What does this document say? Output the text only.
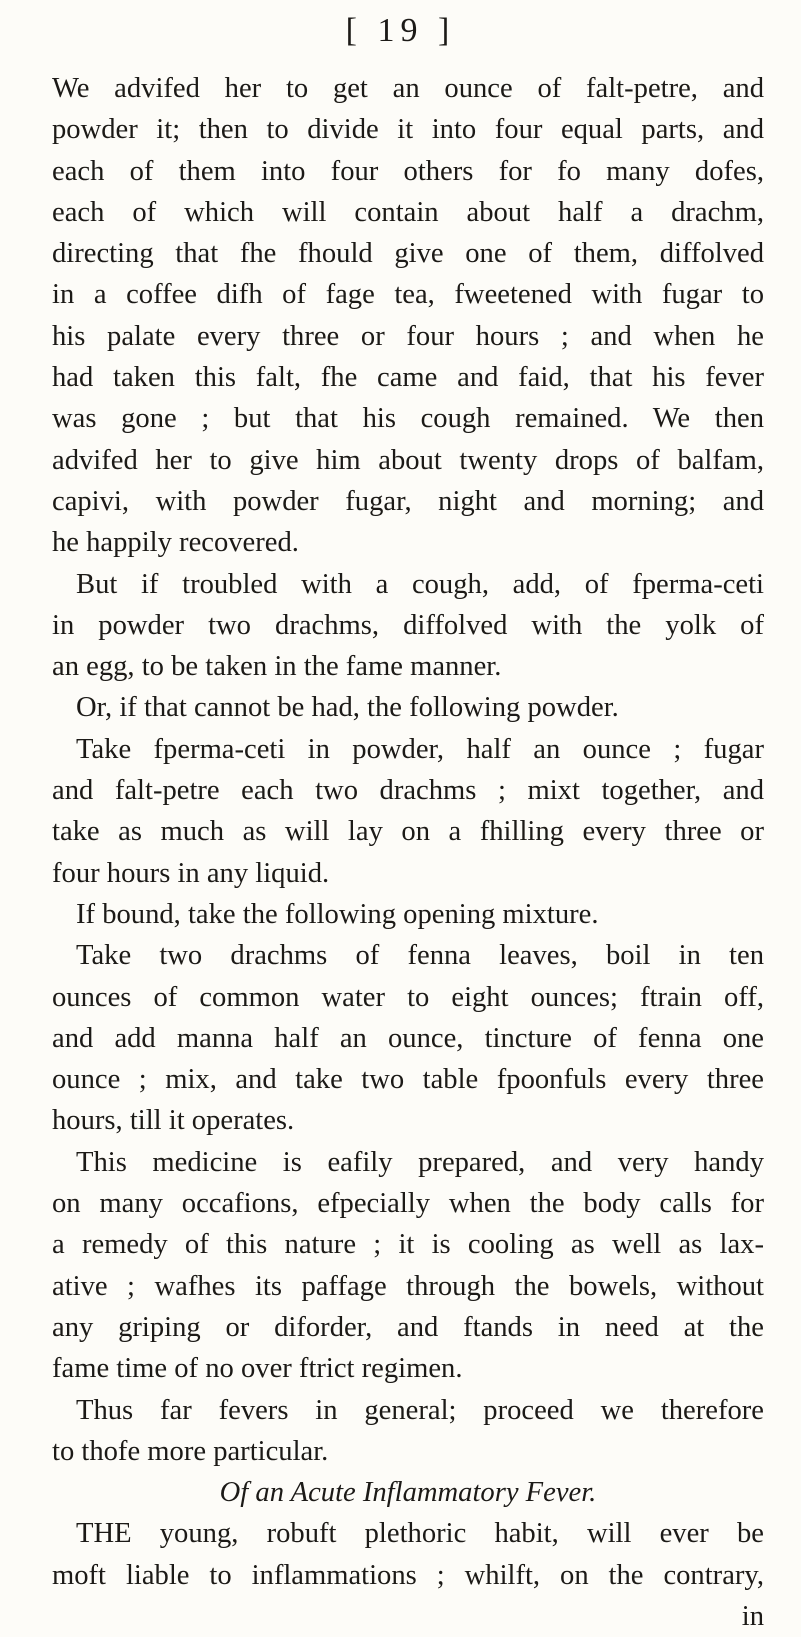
[ 19 ]
We advifed her to get an ounce of falt-petre, and
powder it; then to divide it into four equal parts, and
each of them into four others for fo many dofes,
each of which will contain about half a drachm,
directing that fhe fhould give one of them, diffolved
in a coffee difh of fage tea, fweetened with fugar to
his palate every three or four hours ; and when he
had taken this falt, fhe came and faid, that his fever
was gone ; but that his cough remained. We then
advifed her to give him about twenty drops of balfam,
capivi, with powder fugar, night and morning; and
he happily recovered.
But if troubled with a cough, add, of fperma-ceti
in powder two drachms, diffolved with the yolk of
an egg, to be taken in the fame manner.
Or, if that cannot be had, the following powder.
Take fperma-ceti in powder, half an ounce ; fugar
and falt-petre each two drachms ; mixt together, and
take as much as will lay on a fhilling every three or
four hours in any liquid.
If bound, take the following opening mixture.
Take two drachms of fenna leaves, boil in ten
ounces of common water to eight ounces; ftrain off,
and add manna half an ounce, tincture of fenna one
ounce ; mix, and take two table fpoonfuls every three
hours, till it operates.
This medicine is eafily prepared, and very handy
on many occafions, efpecially when the body calls for
a remedy of this nature ; it is cooling as well as lax-
ative ; wafhes its paffage through the bowels, without
any griping or diforder, and ftands in need at the
fame time of no over ftrict regimen.
Thus far fevers in general; proceed we therefore
to thofe more particular.
Of an Acute Inflammatory Fever.
THE young, robuft plethoric habit, will ever be
moft liable to inflammations ; whilft, on the contrary,
in
